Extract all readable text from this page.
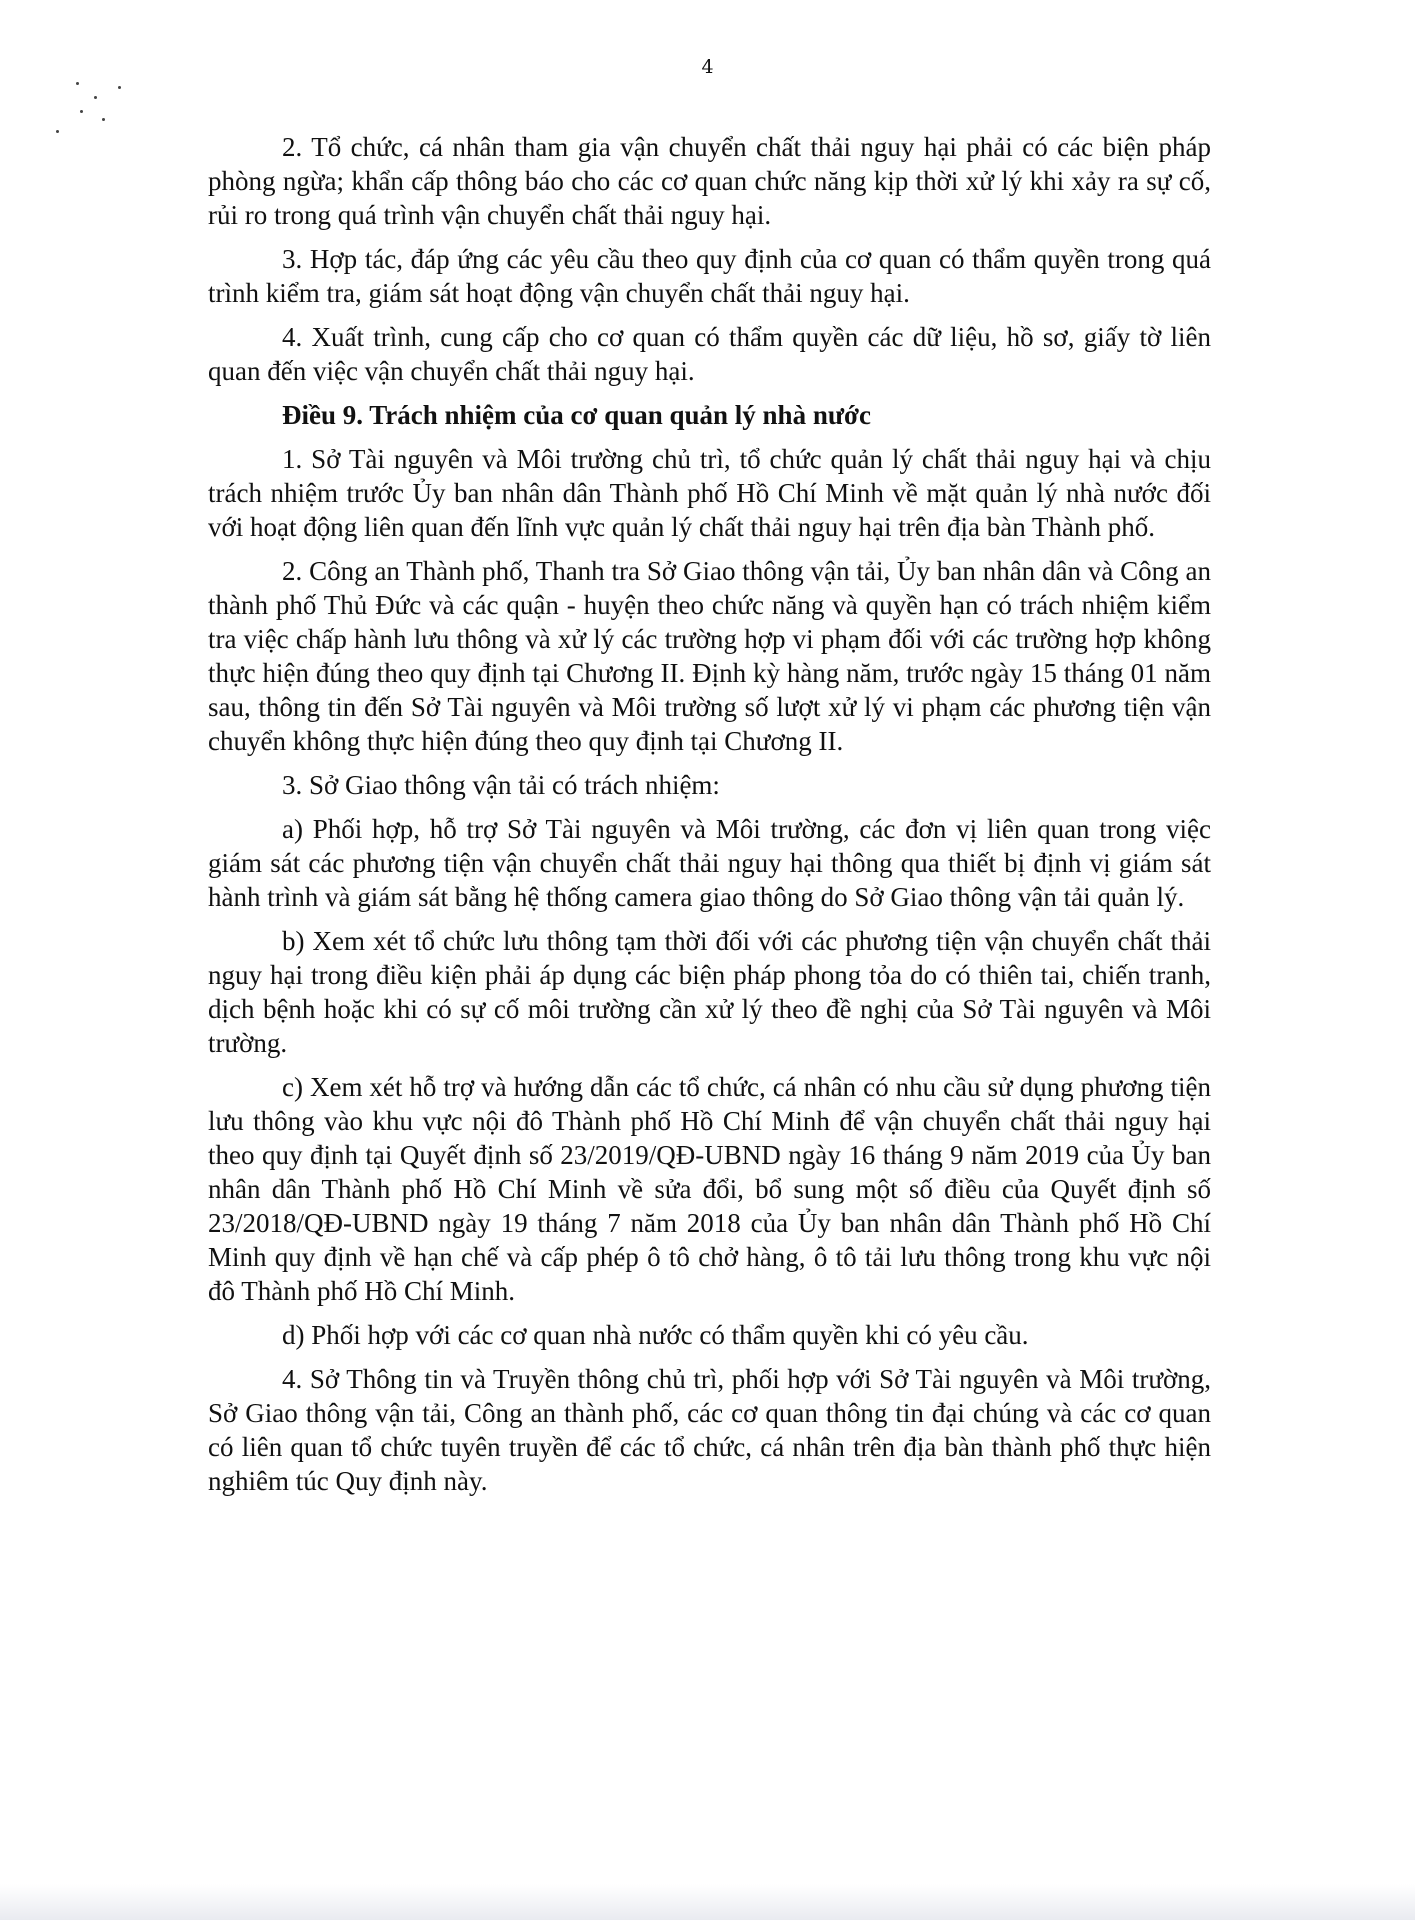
4

2. Tổ chức, cá nhân tham gia vận chuyển chất thải nguy hại phải có các biện pháp phòng ngừa; khẩn cấp thông báo cho các cơ quan chức năng kịp thời xử lý khi xảy ra sự cố, rủi ro trong quá trình vận chuyển chất thải nguy hại.

3. Hợp tác, đáp ứng các yêu cầu theo quy định của cơ quan có thẩm quyền trong quá trình kiểm tra, giám sát hoạt động vận chuyển chất thải nguy hại.

4. Xuất trình, cung cấp cho cơ quan có thẩm quyền các dữ liệu, hồ sơ, giấy tờ liên quan đến việc vận chuyển chất thải nguy hại.

Điều 9. Trách nhiệm của cơ quan quản lý nhà nước

1. Sở Tài nguyên và Môi trường chủ trì, tổ chức quản lý chất thải nguy hại và chịu trách nhiệm trước Ủy ban nhân dân Thành phố Hồ Chí Minh về mặt quản lý nhà nước đối với hoạt động liên quan đến lĩnh vực quản lý chất thải nguy hại trên địa bàn Thành phố.

2. Công an Thành phố, Thanh tra Sở Giao thông vận tải, Ủy ban nhân dân và Công an thành phố Thủ Đức và các quận - huyện theo chức năng và quyền hạn có trách nhiệm kiểm tra việc chấp hành lưu thông và xử lý các trường hợp vi phạm đối với các trường hợp không thực hiện đúng theo quy định tại Chương II. Định kỳ hàng năm, trước ngày 15 tháng 01 năm sau, thông tin đến Sở Tài nguyên và Môi trường số lượt xử lý vi phạm các phương tiện vận chuyển không thực hiện đúng theo quy định tại Chương II.

3. Sở Giao thông vận tải có trách nhiệm:

a) Phối hợp, hỗ trợ Sở Tài nguyên và Môi trường, các đơn vị liên quan trong việc giám sát các phương tiện vận chuyển chất thải nguy hại thông qua thiết bị định vị giám sát hành trình và giám sát bằng hệ thống camera giao thông do Sở Giao thông vận tải quản lý.

b) Xem xét tổ chức lưu thông tạm thời đối với các phương tiện vận chuyển chất thải nguy hại trong điều kiện phải áp dụng các biện pháp phong tỏa do có thiên tai, chiến tranh, dịch bệnh hoặc khi có sự cố môi trường cần xử lý theo đề nghị của Sở Tài nguyên và Môi trường.

c) Xem xét hỗ trợ và hướng dẫn các tổ chức, cá nhân có nhu cầu sử dụng phương tiện lưu thông vào khu vực nội đô Thành phố Hồ Chí Minh để vận chuyển chất thải nguy hại theo quy định tại Quyết định số 23/2019/QĐ-UBND ngày 16 tháng 9 năm 2019 của Ủy ban nhân dân Thành phố Hồ Chí Minh về sửa đổi, bổ sung một số điều của Quyết định số 23/2018/QĐ-UBND ngày 19 tháng 7 năm 2018 của Ủy ban nhân dân Thành phố Hồ Chí Minh quy định về hạn chế và cấp phép ô tô chở hàng, ô tô tải lưu thông trong khu vực nội đô Thành phố Hồ Chí Minh.

d) Phối hợp với các cơ quan nhà nước có thẩm quyền khi có yêu cầu.

4. Sở Thông tin và Truyền thông chủ trì, phối hợp với Sở Tài nguyên và Môi trường, Sở Giao thông vận tải, Công an thành phố, các cơ quan thông tin đại chúng và các cơ quan có liên quan tổ chức tuyên truyền để các tổ chức, cá nhân trên địa bàn thành phố thực hiện nghiêm túc Quy định này.
